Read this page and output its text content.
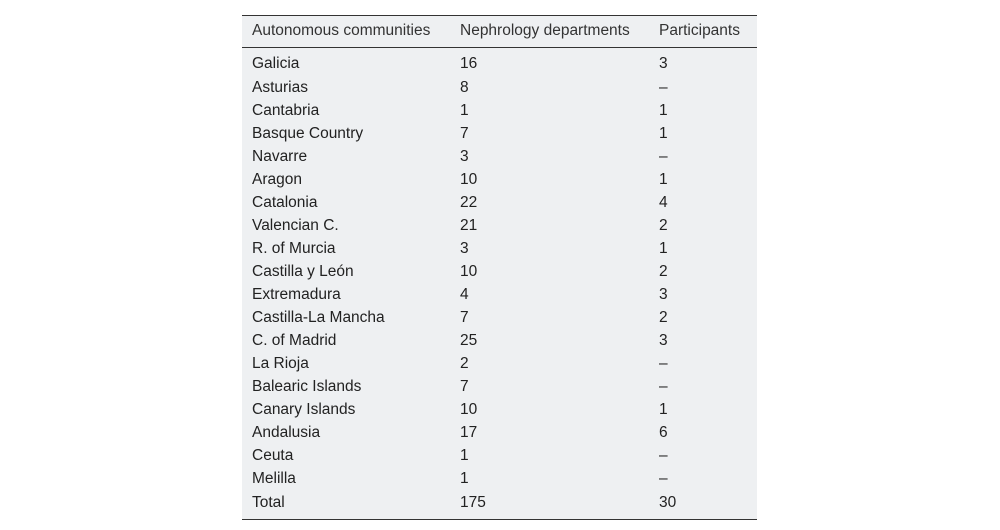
Autonomous communities	Nephrology departments	Participants
Galicia	16	3
Asturias	8	–
Cantabria	1	1
Basque Country	7	1
Navarre	3	–
Aragon	10	1
Catalonia	22	4
Valencian C.	21	2
R. of Murcia	3	1
Castilla y León	10	2
Extremadura	4	3
Castilla-La Mancha	7	2
C. of Madrid	25	3
La Rioja	2	–
Balearic Islands	7	–
Canary Islands	10	1
Andalusia	17	6
Ceuta	1	–
Melilla	1	–
Total	175	30
